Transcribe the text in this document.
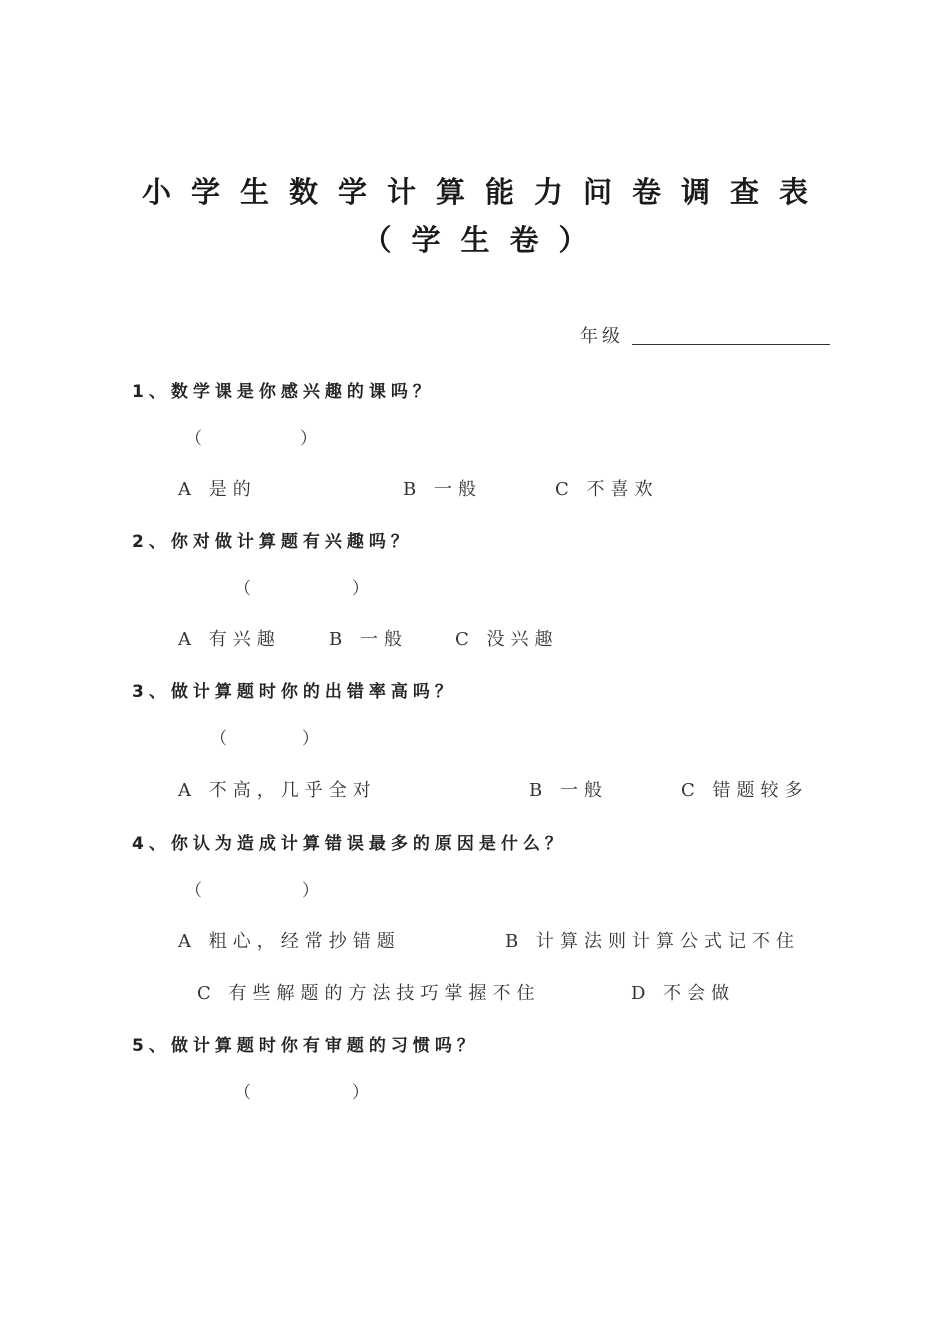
小学生数学计算能力问卷调查表
（学生卷）
年级
1、数学课是你感兴趣的课吗？
（	）
A 是的	B 一般	C 不喜欢
2、你对做计算题有兴趣吗？
（	）
A 有兴趣	B 一般	C 没兴趣
3、做计算题时你的出错率高吗？
（	）
A 不高，几乎全对	B 一般	C 错题较多
4、你认为造成计算错误最多的原因是什么？
（	）
A 粗心，经常抄错题	B 计算法则计算公式记不住
C 有些解题的方法技巧掌握不住	D 不会做
5、做计算题时你有审题的习惯吗？
（	）
